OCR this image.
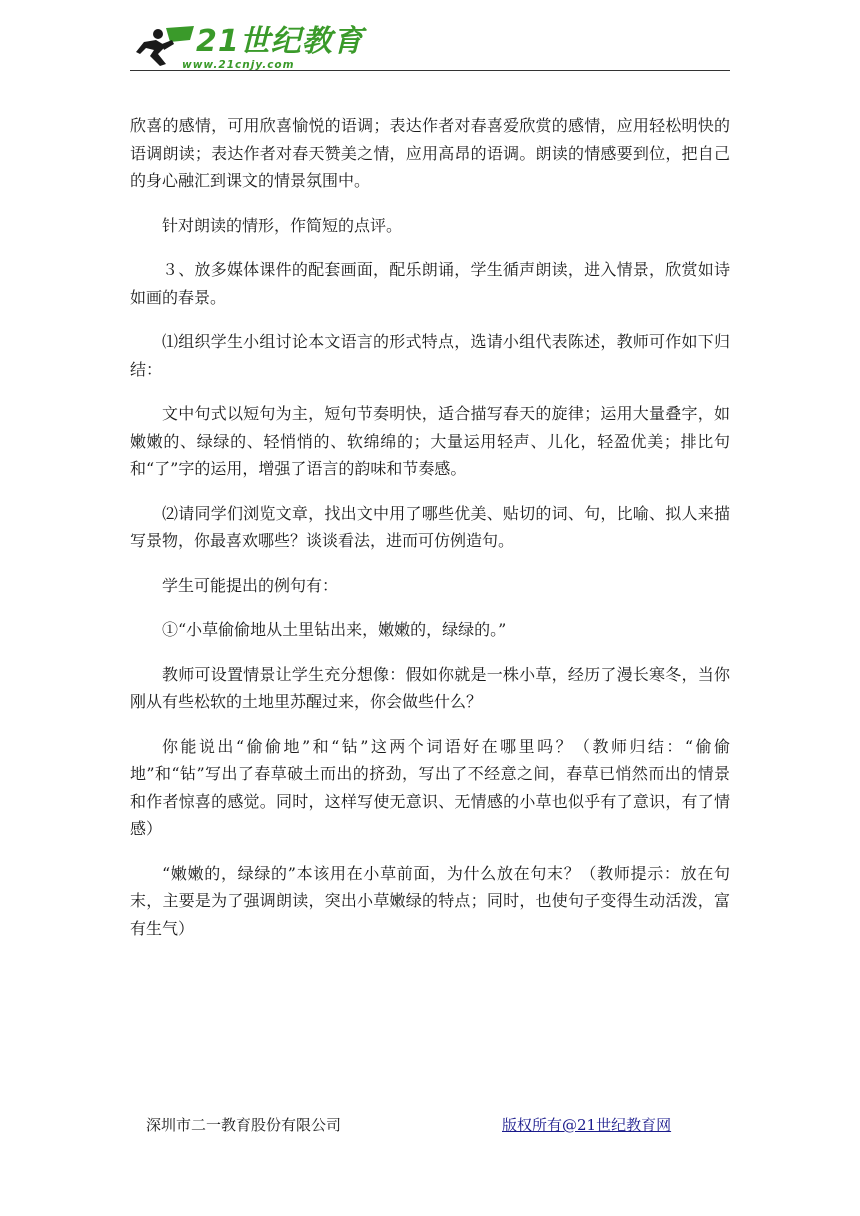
21世纪教育
www.21cnjy.com

欣喜的感情，可用欣喜愉悦的语调；表达作者对春喜爱欣赏的感情，应用轻松明快的语调朗读；表达作者对春天赞美之情，应用高昂的语调。朗读的情感要到位，把自己的身心融汇到课文的情景氛围中。

针对朗读的情形，作简短的点评。

３、放多媒体课件的配套画面，配乐朗诵，学生循声朗读，进入情景，欣赏如诗如画的春景。

⑴组织学生小组讨论本文语言的形式特点，选请小组代表陈述，教师可作如下归结：

文中句式以短句为主，短句节奏明快，适合描写春天的旋律；运用大量叠字，如嫩嫩的、绿绿的、轻悄悄的、软绵绵的；大量运用轻声、儿化，轻盈优美；排比句和“了”字的运用，增强了语言的韵味和节奏感。

⑵请同学们浏览文章，找出文中用了哪些优美、贴切的词、句，比喻、拟人来描写景物，你最喜欢哪些？谈谈看法，进而可仿例造句。

学生可能提出的例句有：

①“小草偷偷地从土里钻出来，嫩嫩的，绿绿的。”

教师可设置情景让学生充分想像：假如你就是一株小草，经历了漫长寒冬，当你刚从有些松软的土地里苏醒过来，你会做些什么？

你能说出“偷偷地”和“钻”这两个词语好在哪里吗？（教师归结：“偷偷地”和“钻”写出了春草破土而出的挤劲，写出了不经意之间，春草已悄然而出的情景和作者惊喜的感觉。同时，这样写使无意识、无情感的小草也似乎有了意识，有了情感）

“嫩嫩的，绿绿的”本该用在小草前面，为什么放在句末？（教师提示：放在句末，主要是为了强调朗读，突出小草嫩绿的特点；同时，也使句子变得生动活泼，富有生气）

深圳市二一教育股份有限公司	版权所有@21世纪教育网
